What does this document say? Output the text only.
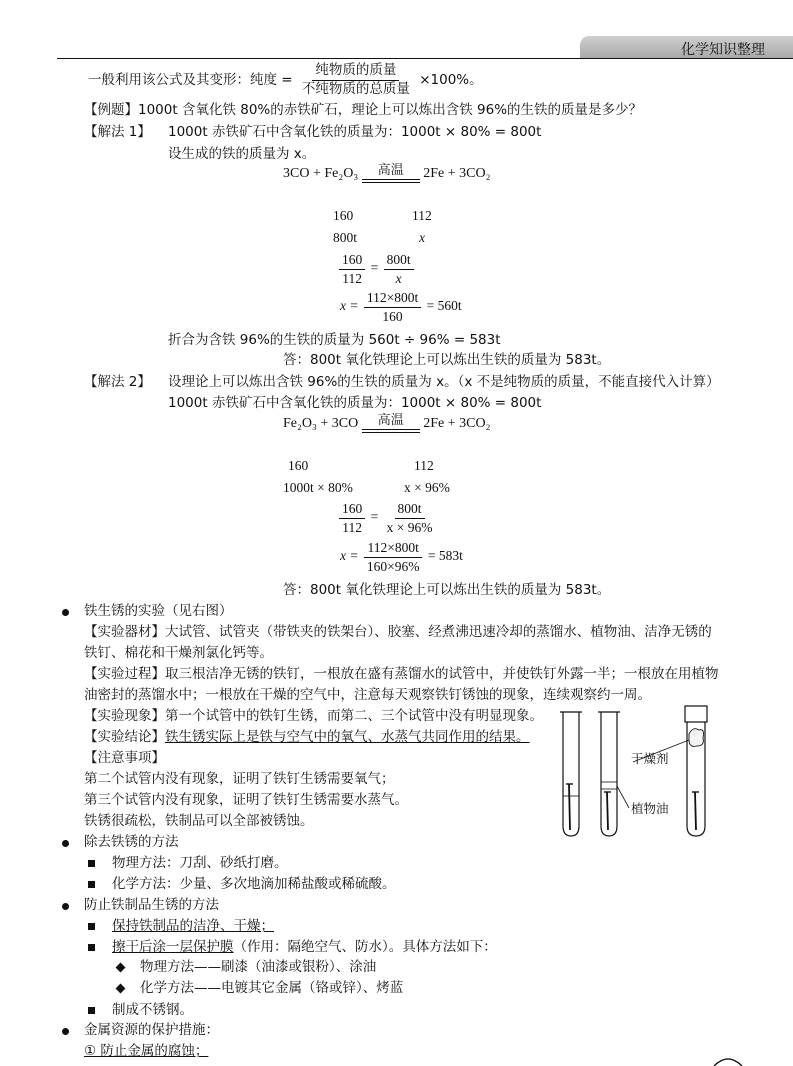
化学知识整理
一般利用该公式及其变形：纯度 = $\frac{\text{纯物质的质量}}{\text{不纯物质的总质量}} \times 100\%$。
【例题】1000t 含氧化铁 80%的赤铁矿石，理论上可以炼出含铁 96%的生铁的质量是多少？
【解法 1】 1000t 赤铁矿石中含氧化铁的质量为：1000t × 80% = 800t
设生成的铁的质量为 x。
3CO + Fe₂O₃	高温	2Fe + 3CO₂
160	112
800t	x
$\frac{160}{112} = \frac{800t}{x}$
$x = \frac{112\times 800t}{160} = 560t$
折合为含铁 96%的生铁的质量为 560t ÷ 96% = 583t
答：800t 氧化铁理论上可以炼出生铁的质量为 583t。
【解法 2】 设理论上可以炼出含铁 96%的生铁的质量为 x。（x 不是纯物质的质量，不能直接代入计算）
1000t 赤铁矿石中含氧化铁的质量为：1000t × 80% = 800t
Fe₂O₃ + 3CO	高温	2Fe + 3CO₂
160	112
1000t × 80%	x × 96%
$\frac{160}{112} = \frac{800t}{x \times 96\%}$
$x = \frac{112\times 800t}{160\times 96\%} = 583t$
答：800t 氧化铁理论上可以炼出生铁的质量为 583t。
铁生锈的实验（见右图）
【实验器材】大试管、试管夹（带铁夹的铁架台）、胶塞、经煮沸迅速冷却的蒸馏水、植物油、洁净无锈的
铁钉、棉花和干燥剂氯化钙等。
【实验过程】取三根洁净无锈的铁钉，一根放在盛有蒸馏水的试管中，并使铁钉外露一半；一根放在用植物
油密封的蒸馏水中；一根放在干燥的空气中，注意每天观察铁钉锈蚀的现象，连续观察约一周。
【实验现象】第一个试管中的铁钉生锈，而第二、三个试管中没有明显现象。
【实验结论】铁生锈实际上是铁与空气中的氧气、水蒸气共同作用的结果。
【注意事项】
第二个试管内没有现象，证明了铁钉生锈需要氧气；
第三个试管内没有现象，证明了铁钉生锈需要水蒸气。
铁锈很疏松，铁制品可以全部被锈蚀。
干燥剂
植物油
除去铁锈的方法
物理方法：刀刮、砂纸打磨。
化学方法：少量、多次地滴加稀盐酸或稀硫酸。
防止铁制品生锈的方法
保持铁制品的洁净、干燥；
擦干后涂一层保护膜（作用：隔绝空气、防水）。具体方法如下：
物理方法——刷漆（油漆或银粉）、涂油
化学方法——电镀其它金属（铬或锌）、烤蓝
制成不锈钢。
金属资源的保护措施：
① 防止金属的腐蚀；
